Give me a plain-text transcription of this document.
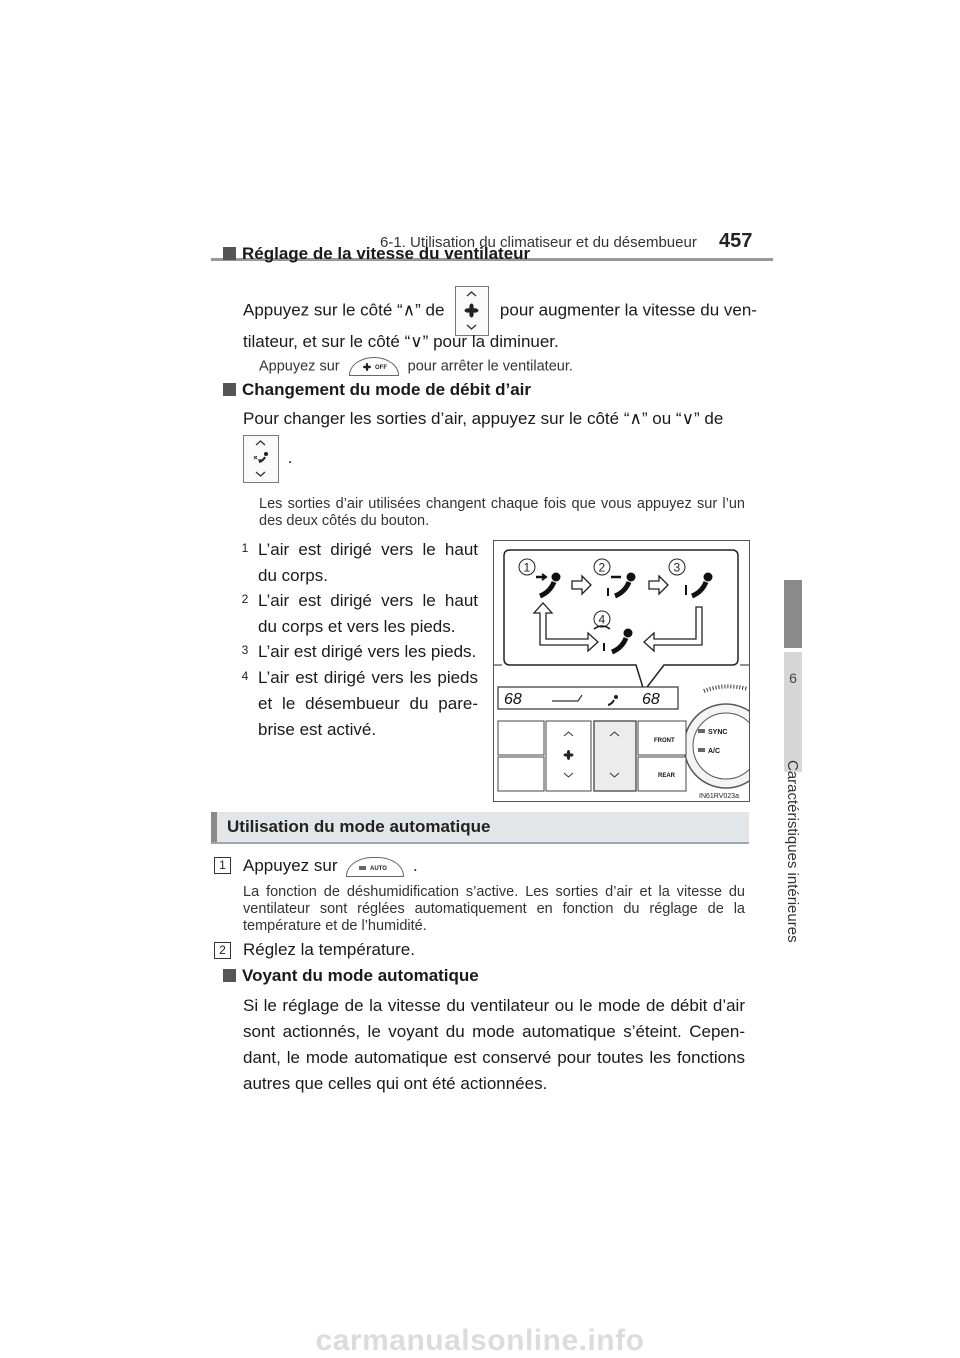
6-1. Utilisation du climatiseur et du désembueur 457
6
Caractéristiques intérieures
Réglage de la vitesse du ventilateur
Appuyez sur le côté “∧” de	pour augmenter la vitesse du ven-
tilateur, et sur le côté “∨” pour la diminuer.
Appuyez sur	OFF pour arrêter le ventilateur.
Changement du mode de débit d’air
Pour changer les sorties d’air, appuyez sur le côté “∧” ou “∨” de
.
Les sorties d’air utilisées changent chaque fois que vous appuyez sur l’un des deux côtés du bouton.
1 L’air est dirigé vers le haut du corps.
2 L’air est dirigé vers le haut du corps et vers les pieds.
3 L’air est dirigé vers les pieds.
4 L’air est dirigé vers les pieds et le désembueur du pare-brise est activé.
1	2	3
4
68	68
SYNC
A/C
FRONT
REAR
IN61RV023a
Utilisation du mode automatique
1	Appuyez sur	AUTO .
La fonction de déshumidification s’active. Les sorties d’air et la vitesse du ventilateur sont réglées automatiquement en fonction du réglage de la température et de l’humidité.
2	Réglez la température.
Voyant du mode automatique
Si le réglage de la vitesse du ventilateur ou le mode de débit d’air sont actionnés, le voyant du mode automatique s’éteint. Cepen-dant, le mode automatique est conservé pour toutes les fonctions autres que celles qui ont été actionnées.
carmanualsonline.info
